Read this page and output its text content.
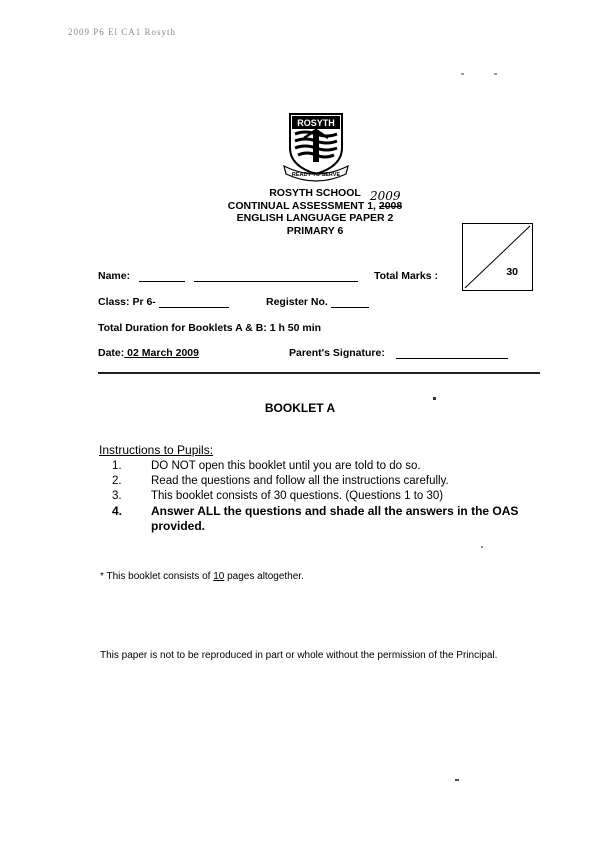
2009 P6 El CA1 Rosyth
ROSYTH
READY TO SERVE
ROSYTH SCHOOL
CONTINUAL ASSESSMENT 1, 2008
2009
ENGLISH LANGUAGE PAPER 2
PRIMARY 6
Total Marks :	30
Name:
Class: Pr 6-	Register No.
Total Duration for Booklets A & B: 1 h 50 min
Date: 02 March 2009	Parent's Signature:
BOOKLET A
Instructions to Pupils:
1.	DO NOT open this booklet until you are told to do so.
2.	Read the questions and follow all the instructions carefully.
3.	This booklet consists of 30 questions. (Questions 1 to 30)
4.	Answer ALL the questions and shade all the answers in the OAS provided.
* This booklet consists of 10 pages altogether.
This paper is not to be reproduced in part or whole without the permission of the Principal.
